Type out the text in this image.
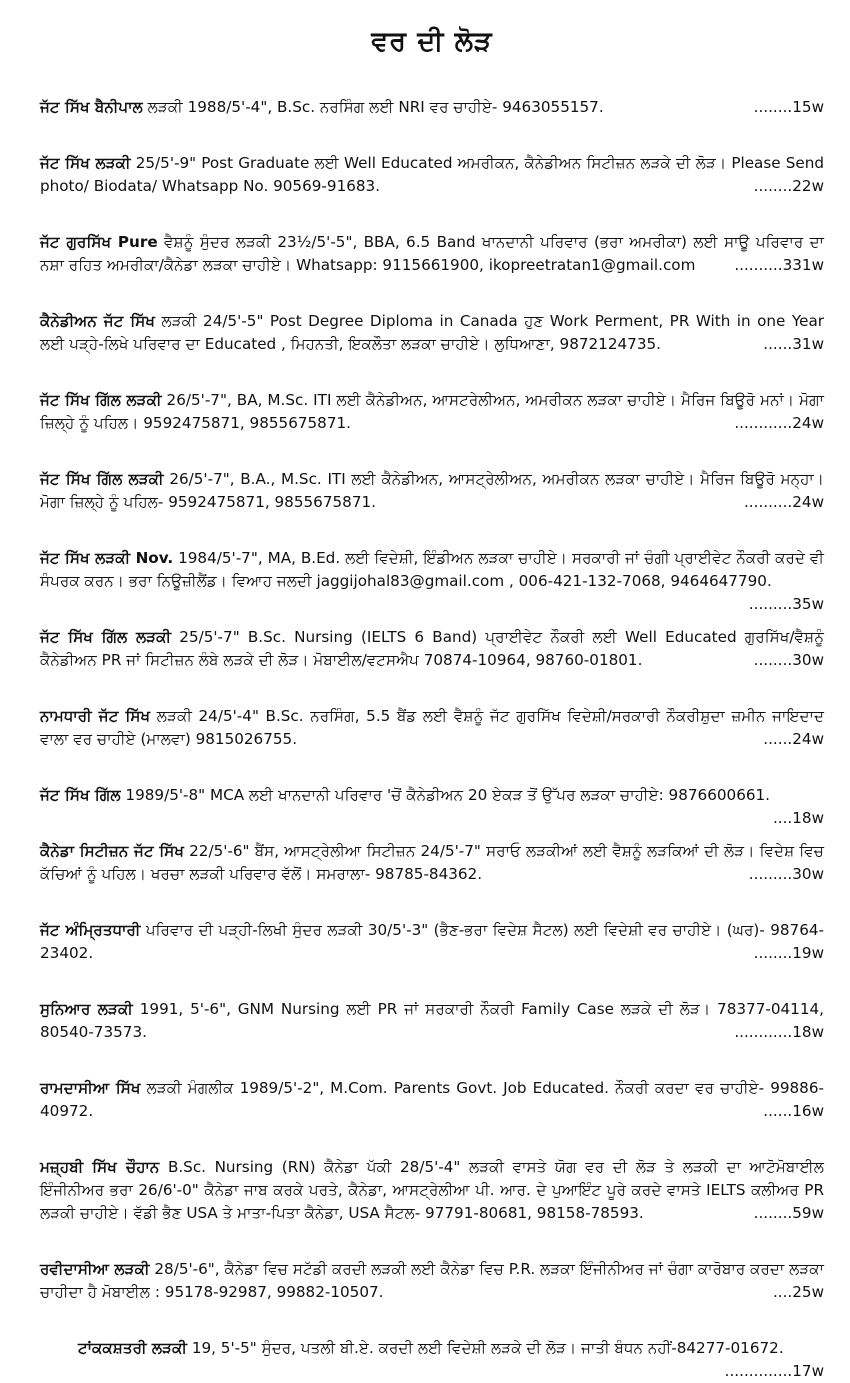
ਵਰ ਦੀ ਲੋੜ
ਜੱਟ ਸਿੱਖ ਬੈਨੀਪਾਲ ਲੜਕੀ 1988/5'-4", B.Sc. ਨਰਸਿੰਗ ਲਈ NRI ਵਰ ਚਾਹੀਏ- 9463055157.	........15w
ਜੱਟ ਸਿੱਖ ਲੜਕੀ 25/5'-9" Post Graduate ਲਈ Well Educated ਅਮਰੀਕਨ, ਕੈਨੇਡੀਅਨ ਸਿਟੀਜ਼ਨ ਲੜਕੇ ਦੀ ਲੋੜ। Please Send photo/ Biodata/ Whatsapp No. 90569-91683.	........22w
ਜੱਟ ਗੁਰਸਿੱਖ Pure ਵੈਸ਼ਨੂੰ ਸੁੰਦਰ ਲੜਕੀ 23½/5'-5", BBA, 6.5 Band ਖਾਨਦਾਨੀ ਪਰਿਵਾਰ (ਭਰਾ ਅਮਰੀਕਾ) ਲਈ ਸਾਊ ਪਰਿਵਾਰ ਦਾ ਨਸ਼ਾ ਰਹਿਤ ਅਮਰੀਕਾ/ਕੈਨੇਡਾ ਲੜਕਾ ਚਾਹੀਏ। Whatsapp: 9115661900, ikopreetratan1@gmail.com	..........331w
ਕੈਨੇਡੀਅਨ ਜੱਟ ਸਿੱਖ ਲੜਕੀ 24/5'-5" Post Degree Diploma in Canada ਹੁਣ Work Perment, PR With in one Year ਲਈ ਪੜ੍ਹੇ-ਲਿਖੇ ਪਰਿਵਾਰ ਦਾ Educated , ਮਿਹਨਤੀ, ਇਕਲੌਤਾ ਲੜਕਾ ਚਾਹੀਏ। ਲੁਧਿਆਣਾ, 9872124735.	......31w
ਜੱਟ ਸਿੱਖ ਗਿੱਲ ਲੜਕੀ 26/5'-7", BA, M.Sc. ITI ਲਈ ਕੈਨੇਡੀਅਨ, ਆਸਟਰੇਲੀਅਨ, ਅਮਰੀਕਨ ਲੜਕਾ ਚਾਹੀਏ। ਮੈਰਿਜ ਬਿਊਰੋ ਮਨਾਂ। ਮੋਗਾ ਜ਼ਿਲ੍ਹੇ ਨੂੰ ਪਹਿਲ। 9592475871, 9855675871.	............24w
ਜੱਟ ਸਿੱਖ ਗਿੱਲ ਲੜਕੀ 26/5'-7", B.A., M.Sc. ITI ਲਈ ਕੈਨੇਡੀਅਨ, ਆਸਟ੍ਰੇਲੀਅਨ, ਅਮਰੀਕਨ ਲੜਕਾ ਚਾਹੀਏ। ਮੈਰਿਜ ਬਿਊਰੋ ਮਨ੍ਹਾ। ਮੋਗਾ ਜ਼ਿਲ੍ਹੇ ਨੂੰ ਪਹਿਲ- 9592475871, 9855675871.	..........24w
ਜੱਟ ਸਿੱਖ ਲੜਕੀ Nov. 1984/5'-7", MA, B.Ed. ਲਈ ਵਿਦੇਸ਼ੀ, ਇੰਡੀਅਨ ਲੜਕਾ ਚਾਹੀਏ। ਸਰਕਾਰੀ ਜਾਂ ਚੰਗੀ ਪ੍ਰਾਈਵੇਟ ਨੌਕਰੀ ਕਰਦੇ ਵੀ ਸੰਪਰਕ ਕਰਨ। ਭਰਾ ਨਿਊਜ਼ੀਲੈਂਡ। ਵਿਆਹ ਜਲਦੀ jaggijohal83@gmail.com , 006-421-132-7068, 9464647790.
.........35w
ਜੱਟ ਸਿੱਖ ਗਿੱਲ ਲੜਕੀ 25/5'-7" B.Sc. Nursing (IELTS 6 Band) ਪ੍ਰਾਈਵੇਟ ਨੌਕਰੀ ਲਈ Well Educated ਗੁਰਸਿੱਖ/ਵੈਸ਼ਨੂੰ ਕੈਨੇਡੀਅਨ PR ਜਾਂ ਸਿਟੀਜ਼ਨ ਲੰਬੇ ਲੜਕੇ ਦੀ ਲੋੜ। ਮੋਬਾਈਲ/ਵਟਸਐਪ 70874-10964, 98760-01801.	........30w
ਨਾਮਧਾਰੀ ਜੱਟ ਸਿੱਖ ਲੜਕੀ 24/5'-4" B.Sc. ਨਰਸਿੰਗ, 5.5 ਬੈਂਡ ਲਈ ਵੈਸ਼ਨੂੰ ਜੱਟ ਗੁਰਸਿੱਖ ਵਿਦੇਸ਼ੀ/ਸਰਕਾਰੀ ਨੌਕਰੀਸ਼ੁਦਾ ਜ਼ਮੀਨ ਜਾਇਦਾਦ ਵਾਲਾ ਵਰ ਚਾਹੀਏ (ਮਾਲਵਾ) 9815026755.	......24w
ਜੱਟ ਸਿੱਖ ਗਿੱਲ 1989/5'-8" MCA ਲਈ ਖਾਨਦਾਨੀ ਪਰਿਵਾਰ 'ਚੋਂ ਕੈਨੇਡੀਅਨ 20 ਏਕੜ ਤੋਂ ਉੱਪਰ ਲੜਕਾ ਚਾਹੀਏ: 9876600661.
....18w
ਕੈਨੇਡਾ ਸਿਟੀਜ਼ਨ ਜੱਟ ਸਿੱਖ 22/5'-6" ਬੈਂਸ, ਆਸਟ੍ਰੇਲੀਆ ਸਿਟੀਜ਼ਨ 24/5'-7" ਸਰਾਓ ਲੜਕੀਆਂ ਲਈ ਵੈਸ਼ਨੂੰ ਲੜਕਿਆਂ ਦੀ ਲੋੜ। ਵਿਦੇਸ਼ ਵਿਚ ਕੱਚਿਆਂ ਨੂੰ ਪਹਿਲ। ਖਰਚਾ ਲੜਕੀ ਪਰਿਵਾਰ ਵੱਲੋਂ। ਸਮਰਾਲਾ- 98785-84362.	.........30w
ਜੱਟ ਅੰਮ੍ਰਿਤਧਾਰੀ ਪਰਿਵਾਰ ਦੀ ਪੜ੍ਹੀ-ਲਿਖੀ ਸੁੰਦਰ ਲੜਕੀ 30/5'-3" (ਭੈਣ-ਭਰਾ ਵਿਦੇਸ਼ ਸੈਟਲ) ਲਈ ਵਿਦੇਸ਼ੀ ਵਰ ਚਾਹੀਏ। (ਘਰ)- 98764-23402.	........19w
ਸੁਨਿਆਰ ਲੜਕੀ 1991, 5'-6", GNM Nursing ਲਈ PR ਜਾਂ ਸਰਕਾਰੀ ਨੌਕਰੀ Family Case ਲੜਕੇ ਦੀ ਲੋੜ। 78377-04114, 80540-73573.	............18w
ਰਾਮਦਾਸੀਆ ਸਿੱਖ ਲੜਕੀ ਮੰਗਲੀਕ 1989/5'-2", M.Com. Parents Govt. Job Educated. ਨੌਕਰੀ ਕਰਦਾ ਵਰ ਚਾਹੀਏ- 99886-40972.	......16w
ਮਜ਼੍ਹਬੀ ਸਿੱਖ ਚੌਹਾਨ B.Sc. Nursing (RN) ਕੈਨੇਡਾ ਪੱਕੀ 28/5'-4" ਲੜਕੀ ਵਾਸਤੇ ਯੋਗ ਵਰ ਦੀ ਲੋੜ ਤੇ ਲੜਕੀ ਦਾ ਆਟੋਮੋਬਾਈਲ ਇੰਜੀਨੀਅਰ ਭਰਾ 26/6'-0" ਕੈਨੇਡਾ ਜਾਬ ਕਰਕੇ ਪਰਤੇ, ਕੈਨੇਡਾ, ਆਸਟ੍ਰੇਲੀਆ ਪੀ. ਆਰ. ਦੇ ਪੁਆਇੰਟ ਪੂਰੇ ਕਰਦੇ ਵਾਸਤੇ IELTS ਕਲੀਅਰ PR ਲੜਕੀ ਚਾਹੀਏ। ਵੱਡੀ ਭੈਣ USA ਤੇ ਮਾਤਾ-ਪਿਤਾ ਕੈਨੇਡਾ, USA ਸੈਟਲ- 97791-80681, 98158-78593.	........59w
ਰਵੀਦਾਸੀਆ ਲੜਕੀ 28/5'-6", ਕੈਨੇਡਾ ਵਿਚ ਸਟੱਡੀ ਕਰਦੀ ਲੜਕੀ ਲਈ ਕੈਨੇਡਾ ਵਿਚ P.R. ਲੜਕਾ ਇੰਜੀਨੀਅਰ ਜਾਂ ਚੰਗਾ ਕਾਰੋਬਾਰ ਕਰਦਾ ਲੜਕਾ ਚਾਹੀਦਾ ਹੈ ਮੋਬਾਈਲ : 95178-92987, 99882-10507.	....25w
ਟਾਂਕਕਸ਼ਤਰੀ ਲੜਕੀ 19, 5'-5" ਸੁੰਦਰ, ਪਤਲੀ ਬੀ.ਏ. ਕਰਦੀ ਲਈ ਵਿਦੇਸ਼ੀ ਲੜਕੇ ਦੀ ਲੋੜ। ਜਾਤੀ ਬੰਧਨ ਨਹੀਂ-84277-01672.
..............17w
